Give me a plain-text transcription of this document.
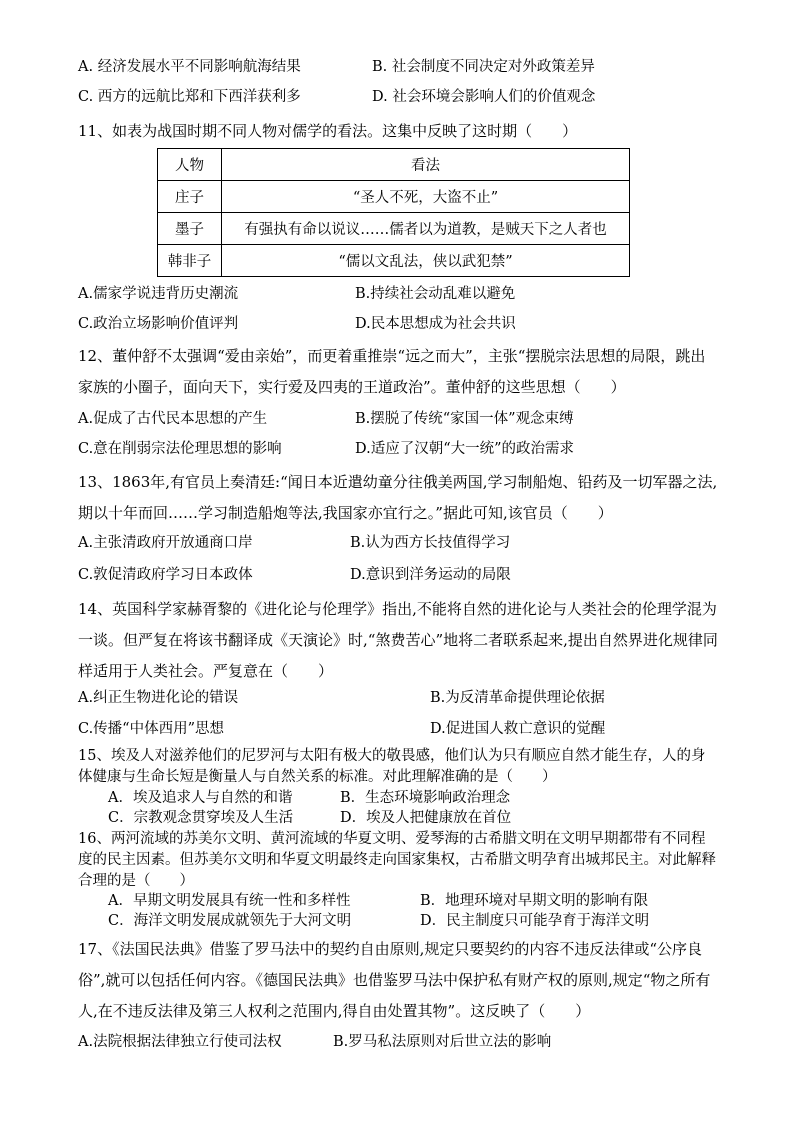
A. 经济发展水平不同影响航海结果	B. 社会制度不同决定对外政策差异
C. 西方的远航比郑和下西洋获利多	D. 社会环境会影响人们的价值观念
11、如表为战国时期不同人物对儒学的看法。这集中反映了这时期（　　）
人物	看法
庄子	“圣人不死，大盗不止”
墨子	有强执有命以说议……儒者以为道教，是贼天下之人者也
韩非子	“儒以文乱法，侠以武犯禁”
A.儒家学说违背历史潮流	B.持续社会动乱难以避免
C.政治立场影响价值评判	D.民本思想成为社会共识
12、董仲舒不太强调“爱由亲始”，而更着重推崇“远之而大”，主张“摆脱宗法思想的局限，跳出家族的小圈子，面向天下，实行爱及四夷的王道政治”。董仲舒的这些思想（　　）
A.促成了古代民本思想的产生	B.摆脱了传统“家国一体”观念束缚
C.意在削弱宗法伦理思想的影响	D.适应了汉朝“大一统”的政治需求
13、1863年,有官员上奏清廷:“闻日本近遣幼童分往俄美两国,学习制船炮、铅药及一切军器之法,期以十年而回……学习制造船炮等法,我国家亦宜行之。”据此可知,该官员（　　）
A.主张清政府开放通商口岸	B.认为西方长技值得学习
C.敦促清政府学习日本政体	D.意识到洋务运动的局限
14、英国科学家赫胥黎的《进化论与伦理学》指出,不能将自然的进化论与人类社会的伦理学混为一谈。但严复在将该书翻译成《天演论》时,“煞费苦心”地将二者联系起来,提出自然界进化规律同样适用于人类社会。严复意在（　　）
A.纠正生物进化论的错误	B.为反清革命提供理论依据
C.传播“中体西用”思想	D.促进国人救亡意识的觉醒
15、埃及人对滋养他们的尼罗河与太阳有极大的敬畏感，他们认为只有顺应自然才能生存，人的身体健康与生命长短是衡量人与自然关系的标准。对此理解准确的是（　　）
A．埃及追求人与自然的和谐	B．生态环境影响政治理念
C．宗教观念贯穿埃及人生活	D．埃及人把健康放在首位
16、两河流域的苏美尔文明、黄河流域的华夏文明、爱琴海的古希腊文明在文明早期都带有不同程度的民主因素。但苏美尔文明和华夏文明最终走向国家集权，古希腊文明孕育出城邦民主。对此解释合理的是（　　）
A．早期文明发展具有统一性和多样性	B．地理环境对早期文明的影响有限
C．海洋文明发展成就领先于大河文明	D．民主制度只可能孕育于海洋文明
17、《法国民法典》借鉴了罗马法中的契约自由原则,规定只要契约的内容不违反法律或“公序良俗”,就可以包括任何内容。《德国民法典》也借鉴罗马法中保护私有财产权的原则,规定“物之所有人,在不违反法律及第三人权利之范围内,得自由处置其物”。这反映了（　　）
A.法院根据法律独立行使司法权	B.罗马私法原则对后世立法的影响
